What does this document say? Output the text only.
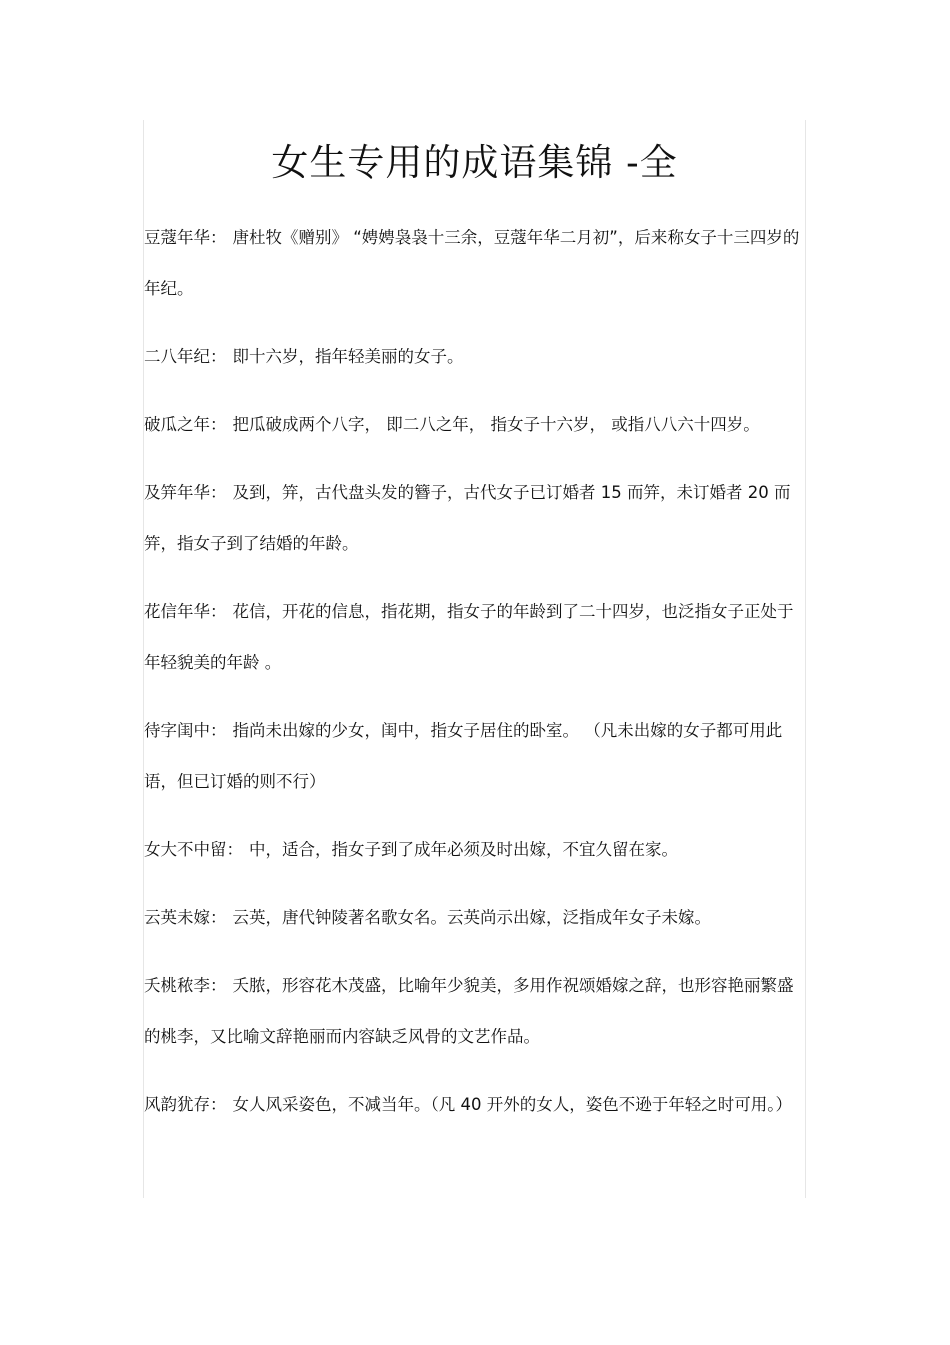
女生专用的成语集锦 -全

豆蔻年华： 唐杜牧《赠别》 “娉娉袅袅十三余，豆蔻年华二月初”，后来称女子十三四岁的年纪。

二八年纪： 即十六岁，指年轻美丽的女子。

破瓜之年： 把瓜破成两个八字， 即二八之年， 指女子十六岁， 或指八八六十四岁。

及笄年华： 及到，笄，古代盘头发的簪子，古代女子已订婚者 15 而笄，未订婚者 20 而笄，指女子到了结婚的年龄。

花信年华： 花信，开花的信息，指花期，指女子的年龄到了二十四岁，也泛指女子正处于年轻貌美的年龄 。

待字闺中： 指尚未出嫁的少女，闺中，指女子居住的卧室。 （凡未出嫁的女子都可用此语，但已订婚的则不行）

女大不中留： 中，适合，指女子到了成年必须及时出嫁，不宜久留在家。

云英未嫁： 云英，唐代钟陵著名歌女名。云英尚示出嫁，泛指成年女子未嫁。

夭桃秾李： 夭脓，形容花木茂盛，比喻年少貌美，多用作祝颂婚嫁之辞，也形容艳丽繁盛的桃李，又比喻文辞艳丽而内容缺乏风骨的文艺作品。

风韵犹存： 女人风采姿色，不减当年。（凡 40 开外的女人，姿色不逊于年轻之时可用。）
